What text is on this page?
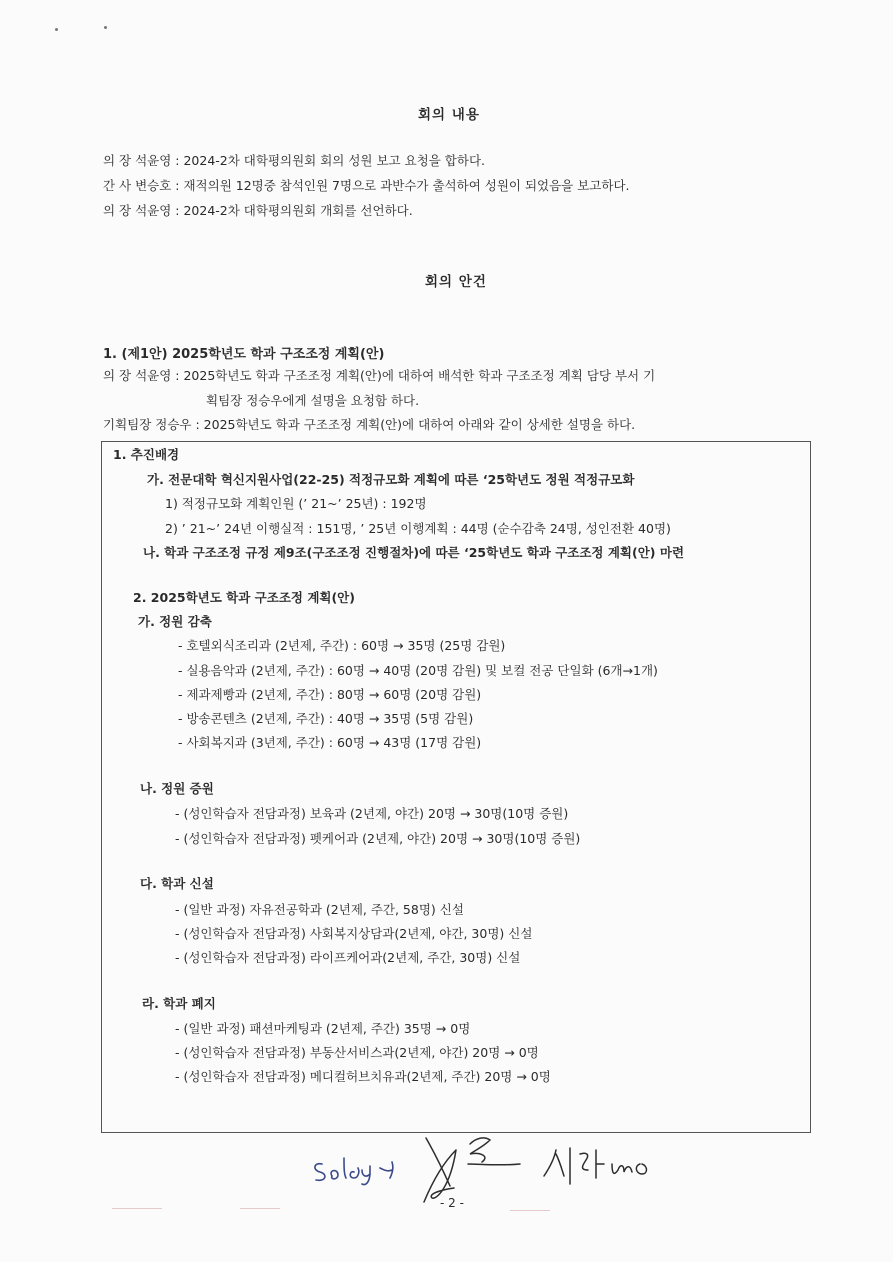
회의 내용
의 장 석윤영 : 2024-2차 대학평의원회 회의 성원 보고 요청을 합하다.
간 사 변승호 : 재적의원 12명중 참석인원 7명으로 과반수가 출석하여 성원이 되었음을 보고하다.
의 장 석윤영 : 2024-2차 대학평의원회 개회를 선언하다.
회의 안건
1. (제1안) 2025학년도 학과 구조조정 계획(안)
의 장 석윤영 : 2025학년도 학과 구조조정 계획(안)에 대하여 배석한 학과 구조조정 계획 담당 부서 기
획팀장 정승우에게 설명을 요청함 하다.
기획팀장 정승우 : 2025학년도 학과 구조조정 계획(안)에 대하여 아래와 같이 상세한 설명을 하다.
1. 추진배경
가. 전문대학 혁신지원사업(22-25) 적정규모화 계획에 따른 ‘25학년도 정원 적정규모화
1) 적정규모화 계획인원 (’ 21~’ 25년) : 192명
2) ’ 21~’ 24년 이행실적 : 151명, ’ 25년 이행계획 : 44명 (순수감축 24명, 성인전환 40명)
나. 학과 구조조정 규정 제9조(구조조정 진행절차)에 따른 ‘25학년도 학과 구조조정 계획(안) 마련
2. 2025학년도 학과 구조조정 계획(안)
가. 정원 감축
- 호텔외식조리과 (2년제, 주간) : 60명 → 35명 (25명 감원)
- 실용음악과 (2년제, 주간) : 60명 → 40명 (20명 감원) 및 보컬 전공 단일화 (6개→1개)
- 제과제빵과 (2년제, 주간) : 80명 → 60명 (20명 감원)
- 방송콘텐츠 (2년제, 주간) : 40명 → 35명 (5명 감원)
- 사회복지과 (3년제, 주간) : 60명 → 43명 (17명 감원)
나. 정원 증원
- (성인학습자 전담과정) 보육과 (2년제, 야간) 20명 → 30명(10명 증원)
- (성인학습자 전담과정) 펫케어과 (2년제, 야간) 20명 → 30명(10명 증원)
다. 학과 신설
- (일반 과정) 자유전공학과 (2년제, 주간, 58명) 신설
- (성인학습자 전담과정) 사회복지상담과(2년제, 야간, 30명) 신설
- (성인학습자 전담과정) 라이프케어과(2년제, 주간, 30명) 신설
라. 학과 폐지
- (일반 과정) 패션마케팅과 (2년제, 주간) 35명 → 0명
- (성인학습자 전담과정) 부동산서비스과(2년제, 야간) 20명 → 0명
- (성인학습자 전담과정) 메디컬허브치유과(2년제, 주간) 20명 → 0명
- 2 -
